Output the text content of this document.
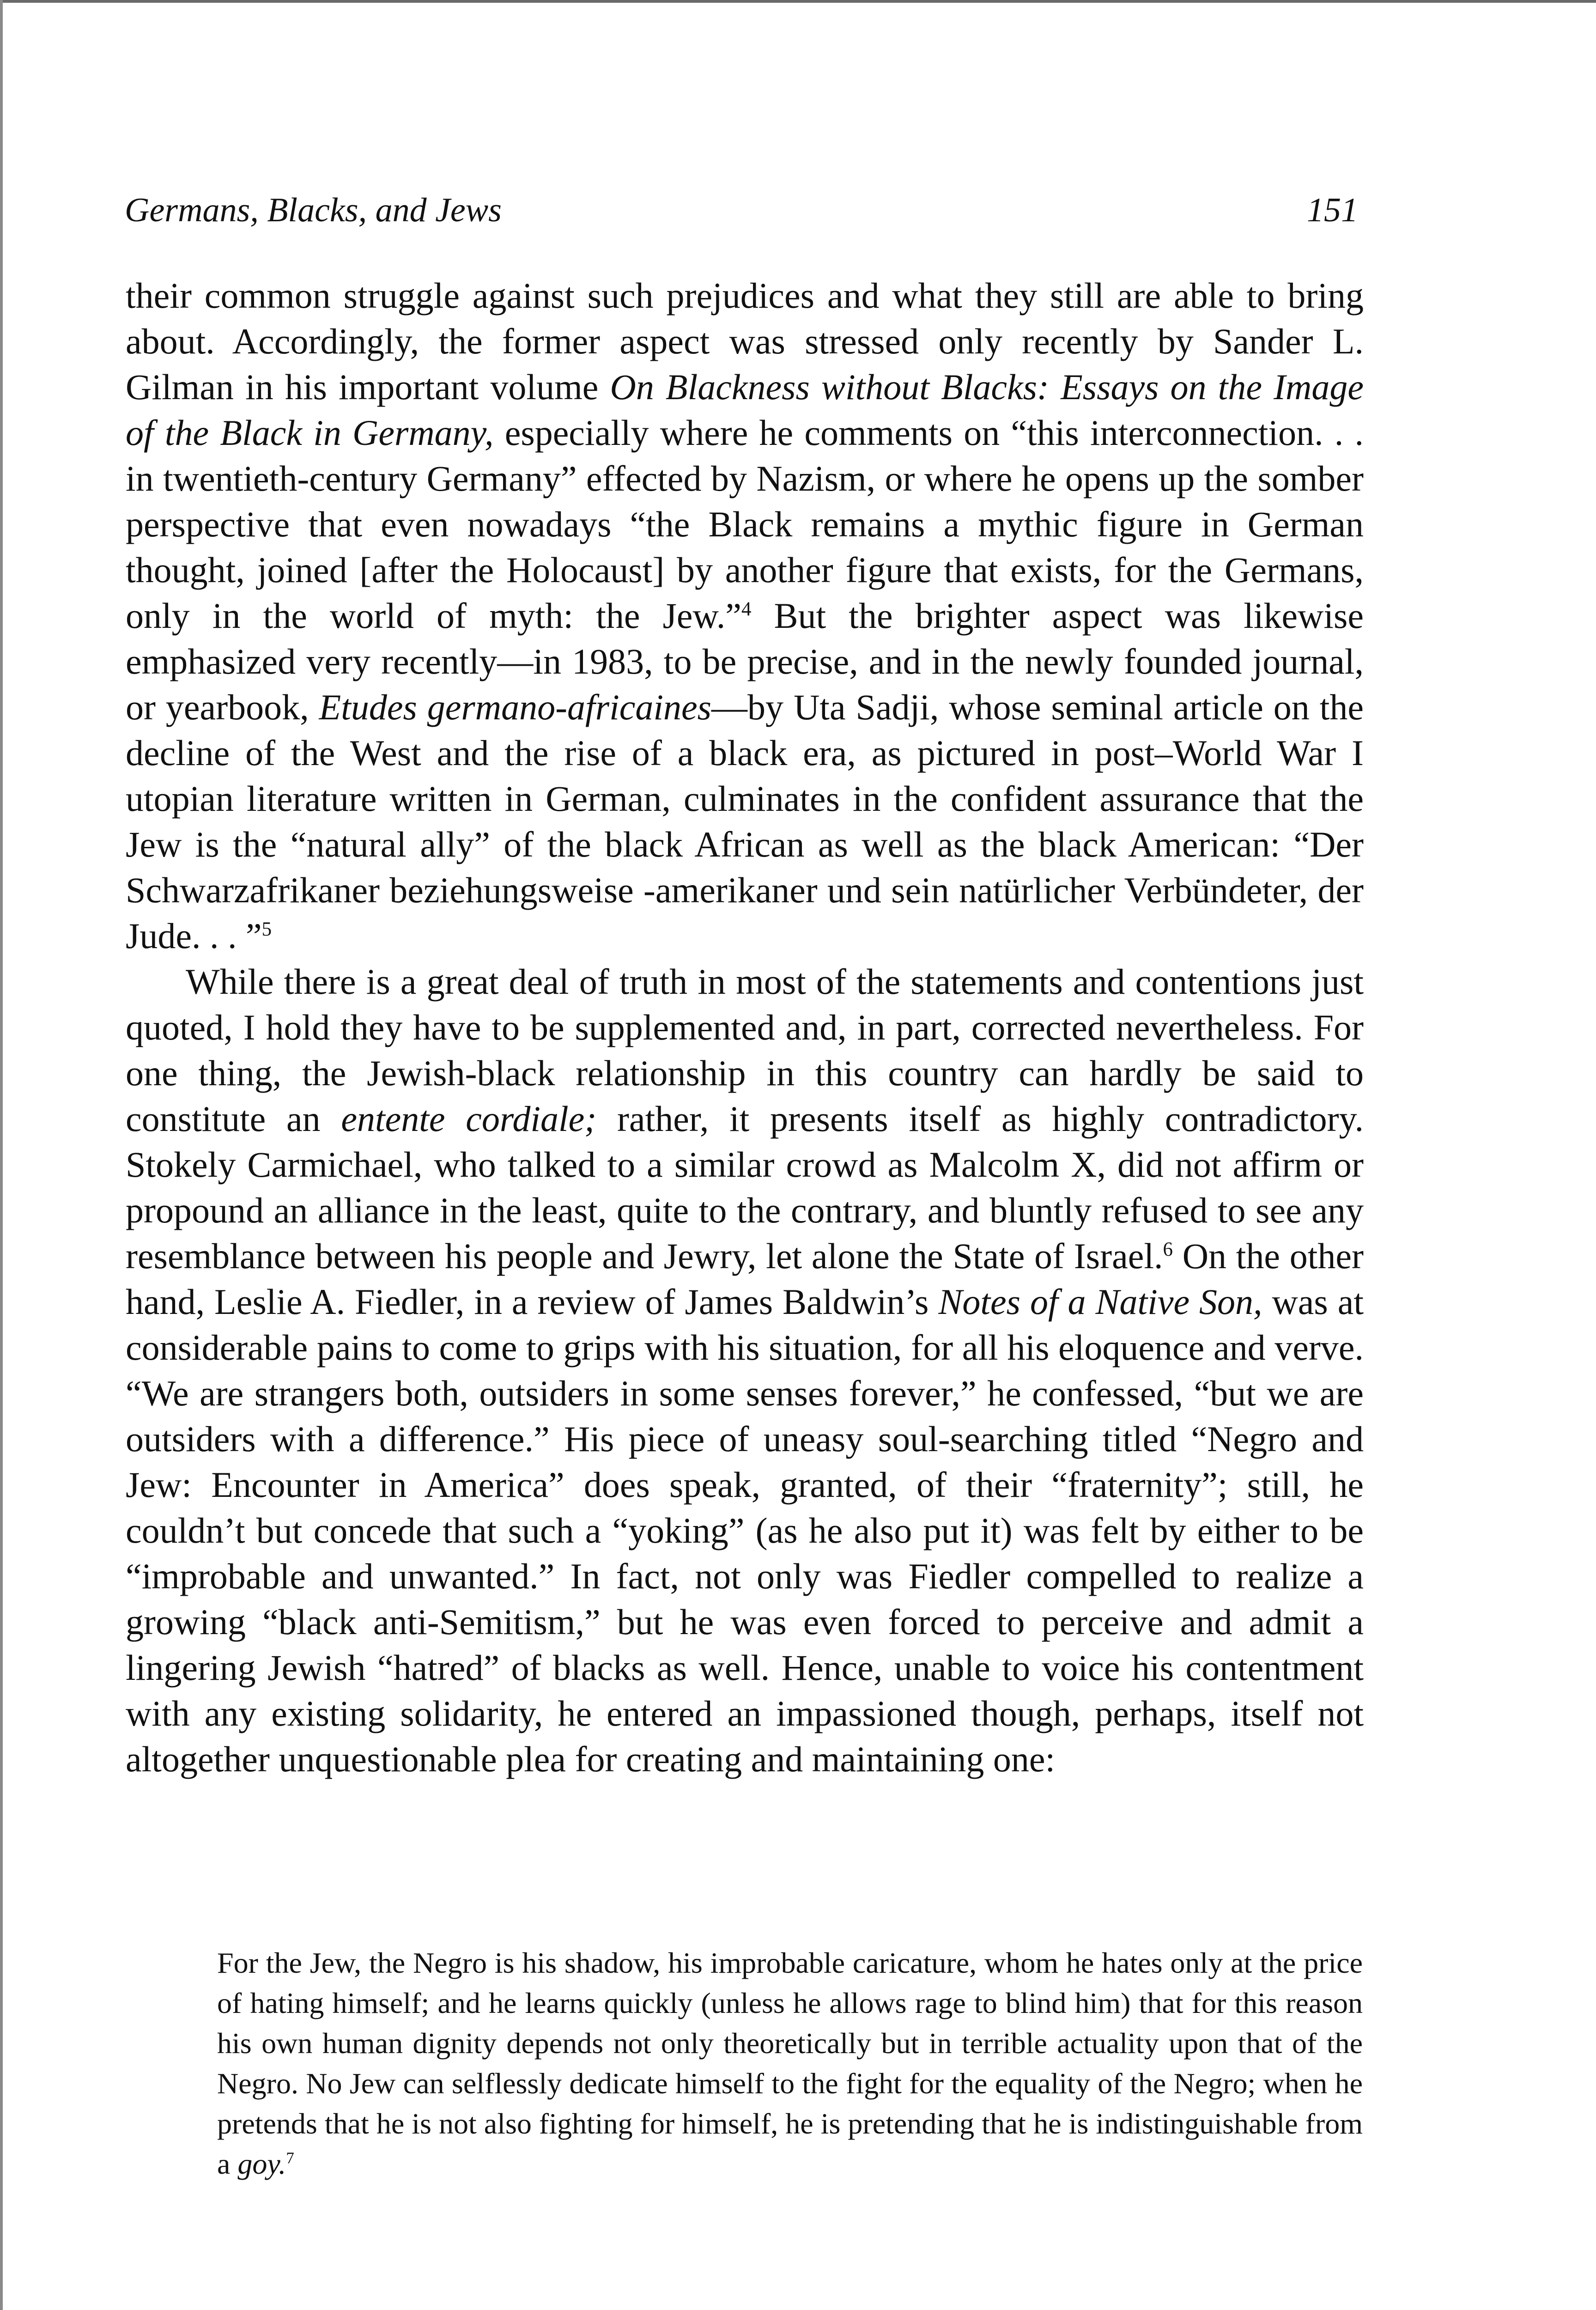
Germans, Blacks, and Jews	151

their common struggle against such prejudices and what they still are able to bring about. Accordingly, the former aspect was stressed only recently by Sander L. Gilman in his important volume On Blackness without Blacks: Essays on the Image of the Black in Germany, especially where he comments on “this interconnection. . . in twentieth-century Germany” effected by Nazism, or where he opens up the somber perspective that even nowadays “the Black remains a mythic figure in German thought, joined [after the Holocaust] by another figure that exists, for the Germans, only in the world of myth: the Jew.”$^4$ But the brighter aspect was likewise emphasized very recently—in 1983, to be precise, and in the newly founded journal, or yearbook, Etudes germano-africaines—by Uta Sadji, whose seminal article on the decline of the West and the rise of a black era, as pictured in post–World War I utopian literature written in German, culminates in the confident assurance that the Jew is the “natural ally” of the black African as well as the black American: “Der Schwarzafrikaner beziehungsweise -amerikaner und sein natürlicher Verbündeter, der Jude. . . ”$^5$

While there is a great deal of truth in most of the statements and contentions just quoted, I hold they have to be supplemented and, in part, corrected nevertheless. For one thing, the Jewish-black relationship in this country can hardly be said to constitute an entente cordiale; rather, it presents itself as highly contradictory. Stokely Carmichael, who talked to a similar crowd as Malcolm X, did not affirm or propound an alliance in the least, quite to the contrary, and bluntly refused to see any resemblance between his people and Jewry, let alone the State of Israel.$^6$ On the other hand, Leslie A. Fiedler, in a review of James Baldwin’s Notes of a Native Son, was at considerable pains to come to grips with his situation, for all his eloquence and verve. “We are strangers both, outsiders in some senses forever,” he confessed, “but we are outsiders with a difference.” His piece of uneasy soul-searching titled “Negro and Jew: Encounter in America” does speak, granted, of their “fraternity”; still, he couldn’t but concede that such a “yoking” (as he also put it) was felt by either to be “improbable and unwanted.” In fact, not only was Fiedler compelled to realize a growing “black anti-Semitism,” but he was even forced to perceive and admit a lingering Jewish “hatred” of blacks as well. Hence, unable to voice his contentment with any existing solidarity, he entered an impassioned though, perhaps, itself not altogether unquestionable plea for creating and maintaining one:

For the Jew, the Negro is his shadow, his improbable caricature, whom he hates only at the price of hating himself; and he learns quickly (unless he allows rage to blind him) that for this reason his own human dignity depends not only theoretically but in terrible actuality upon that of the Negro. No Jew can selflessly dedicate himself to the fight for the equality of the Negro; when he pretends that he is not also fighting for himself, he is pretending that he is indistinguishable from a goy.$^7$
